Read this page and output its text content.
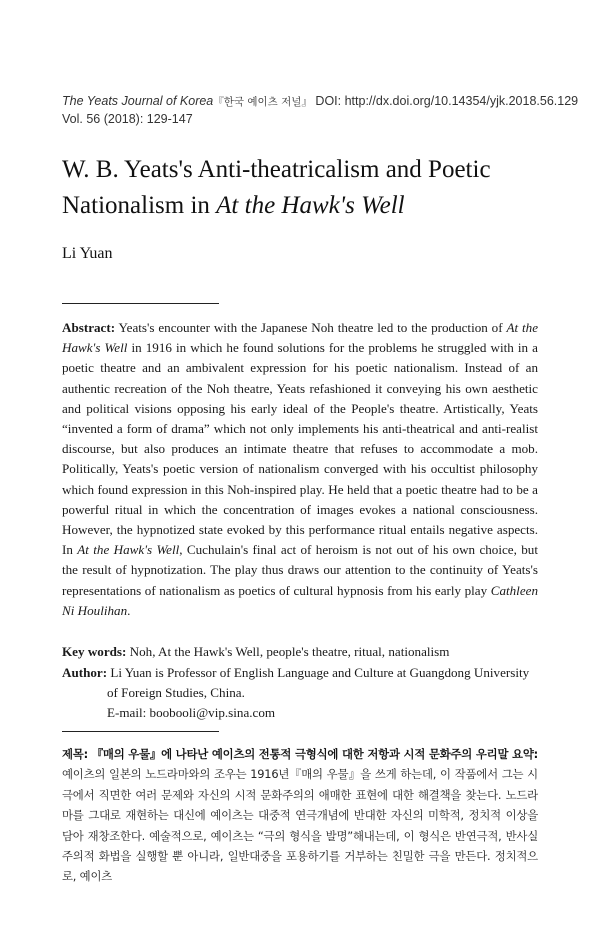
The Yeats Journal of Korea『한국 예이츠 저널』 DOI: http://dx.doi.org/10.14354/yjk.2018.56.129
Vol. 56 (2018): 129-147
W. B. Yeats's Anti-theatricalism and Poetic Nationalism in At the Hawk's Well
Li Yuan

Abstract: Yeats's encounter with the Japanese Noh theatre led to the production of At the Hawk's Well in 1916 in which he found solutions for the problems he struggled with in a poetic theatre and an ambivalent expression for his poetic nationalism. Instead of an authentic recreation of the Noh theatre, Yeats refashioned it conveying his own aesthetic and political visions opposing his early ideal of the People's theatre. Artistically, Yeats “invented a form of drama” which not only implements his anti-theatrical and anti-realist discourse, but also produces an intimate theatre that refuses to accommodate a mob. Politically, Yeats's poetic version of nationalism converged with his occultist philosophy which found expression in this Noh-inspired play. He held that a poetic theatre had to be a powerful ritual in which the concentration of images evokes a national consciousness. However, the hypnotized state evoked by this performance ritual entails negative aspects. In At the Hawk's Well, Cuchulain's final act of heroism is not out of his own choice, but the result of hypnotization. The play thus draws our attention to the continuity of Yeats's representations of nationalism as poetics of cultural hypnosis from his early play Cathleen Ni Houlihan.

Key words: Noh, At the Hawk's Well, people's theatre, ritual, nationalism
Author: Li Yuan is Professor of English Language and Culture at Guangdong University
of Foreign Studies, China.
E-mail: boobooli@vip.sina.com

제목: 『매의 우물』에 나타난 예이츠의 전통적 극형식에 대한 저항과 시적 문화주의 우리말 요약: 예이츠의 일본의 노드라마와의 조우는 1916년『매의 우물』을 쓰게 하는데, 이 작품에서 그는 시극에서 직면한 여러 문제와 자신의 시적 문화주의의 애매한 표현에 대한 해결책을 찾는다. 노드라마를 그대로 재현하는 대신에 예이츠는 대중적 연극개념에 반대한 자신의 미학적, 정치적 이상을 담아 재창조한다. 예술적으로, 예이츠는 “극의 형식을 발명”해내는데, 이 형식은 반연극적, 반사실주의적 화법을 실행할 뿐 아니라, 일반대중을 포용하기를 거부하는 친밀한 극을 만든다. 정치적으로, 예이츠
